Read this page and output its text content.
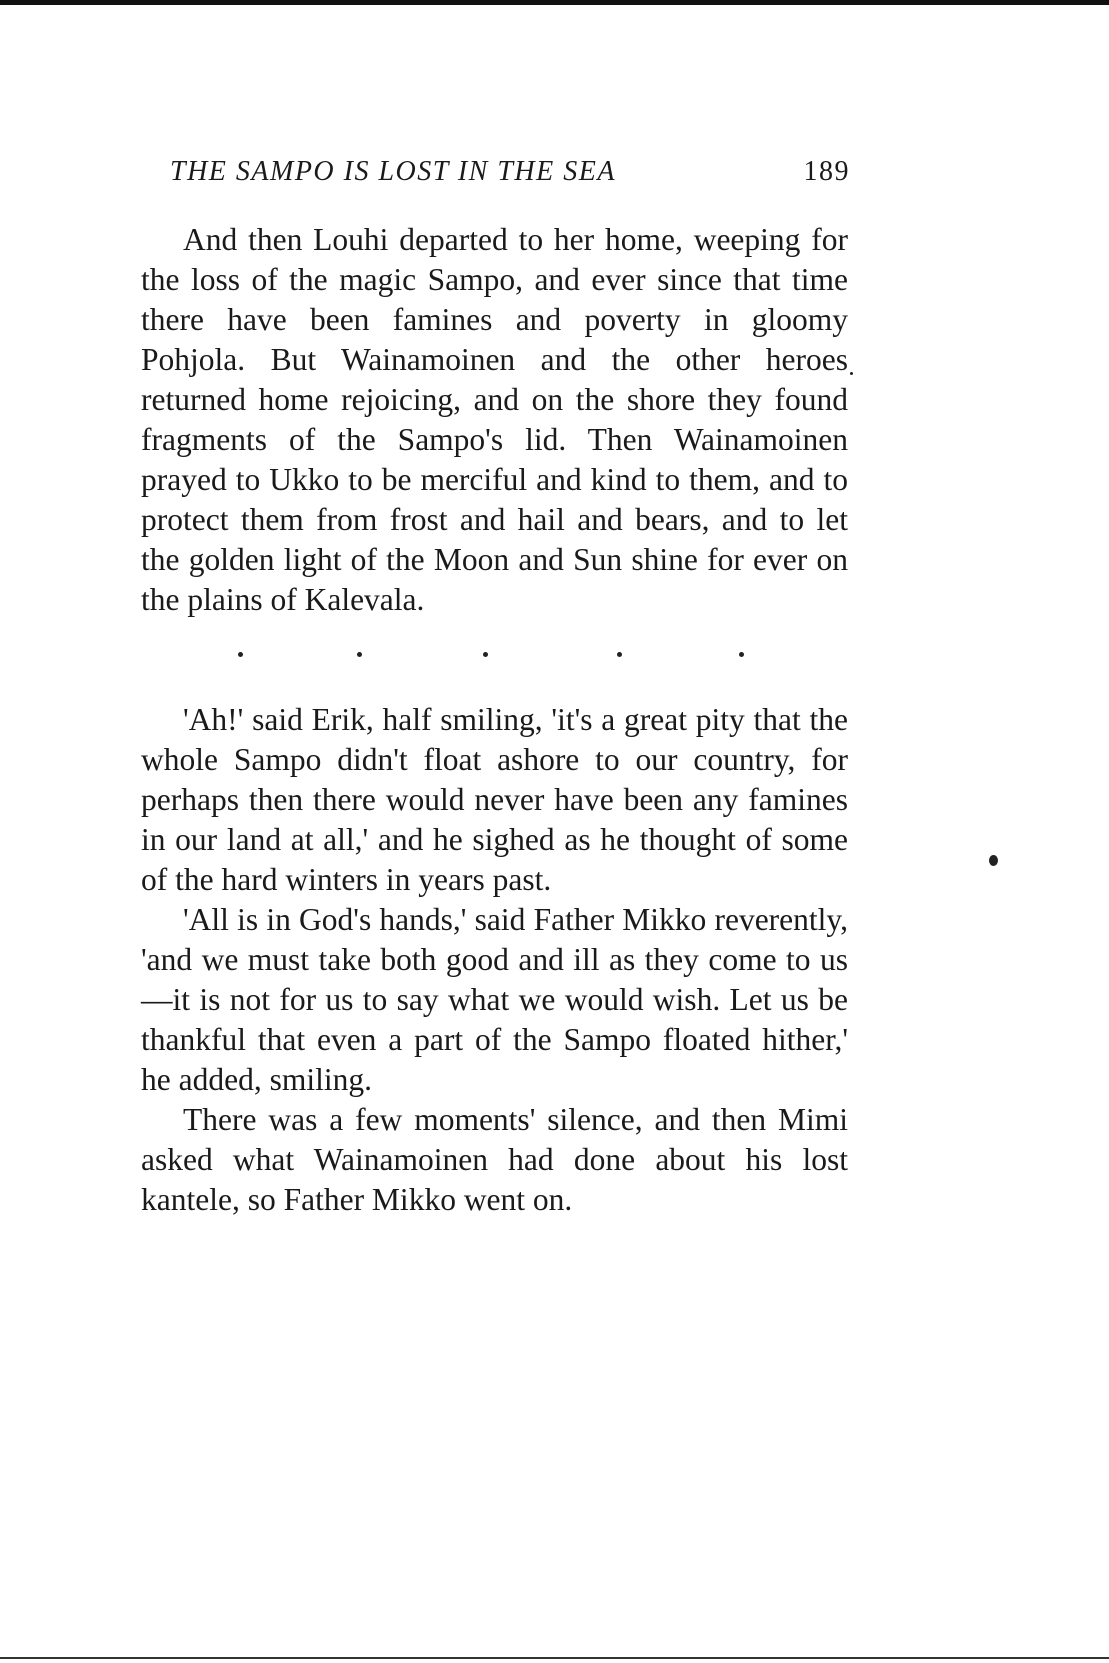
THE SAMPO IS LOST IN THE SEA	189

And then Louhi departed to her home, weeping for the loss of the magic Sampo, and ever since that time there have been famines and poverty in gloomy Pohjola. But Wainamoinen and the other heroes returned home rejoicing, and on the shore they found fragments of the Sampo's lid. Then Wainamoinen prayed to Ukko to be merciful and kind to them, and to protect them from frost and hail and bears, and to let the golden light of the Moon and Sun shine for ever on the plains of Kalevala.

'Ah!' said Erik, half smiling, 'it's a great pity that the whole Sampo didn't float ashore to our country, for perhaps then there would never have been any famines in our land at all,' and he sighed as he thought of some of the hard winters in years past.

'All is in God's hands,' said Father Mikko reverently, 'and we must take both good and ill as they come to us—it is not for us to say what we would wish. Let us be thankful that even a part of the Sampo floated hither,' he added, smiling.

There was a few moments' silence, and then Mimi asked what Wainamoinen had done about his lost kantele, so Father Mikko went on.
